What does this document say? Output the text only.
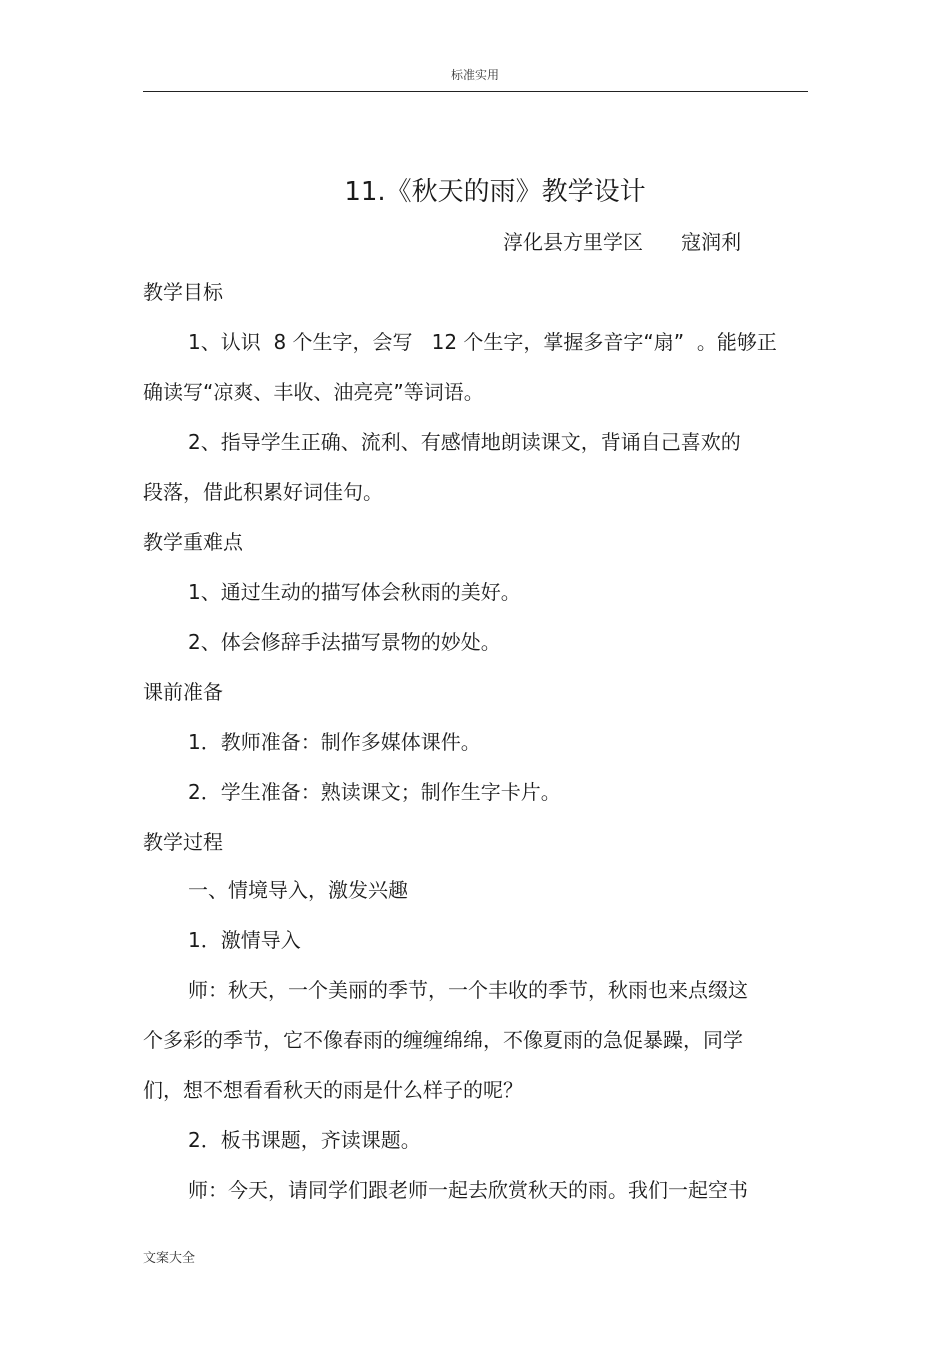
标准实用
11.《秋天的雨》教学设计
淳化县方里学区      寇润利
教学目标
1、认识  8 个生字，会写   12 个生字，掌握多音字“扇”  。能够正
确读写“凉爽、丰收、油亮亮”等词语。
2、指导学生正确、流利、有感情地朗读课文，背诵自己喜欢的
段落，借此积累好词佳句。
教学重难点
1、通过生动的描写体会秋雨的美好。
2、体会修辞手法描写景物的妙处。
课前准备
1．教师准备：制作多媒体课件。
2．学生准备：熟读课文；制作生字卡片。
教学过程
一、情境导入，激发兴趣
1．激情导入
师：秋天，一个美丽的季节，一个丰收的季节，秋雨也来点缀这
个多彩的季节，它不像春雨的缠缠绵绵，不像夏雨的急促暴躁，同学
们，想不想看看秋天的雨是什么样子的呢？
2．板书课题，齐读课题。
师：今天，请同学们跟老师一起去欣赏秋天的雨。我们一起空书
文案大全
